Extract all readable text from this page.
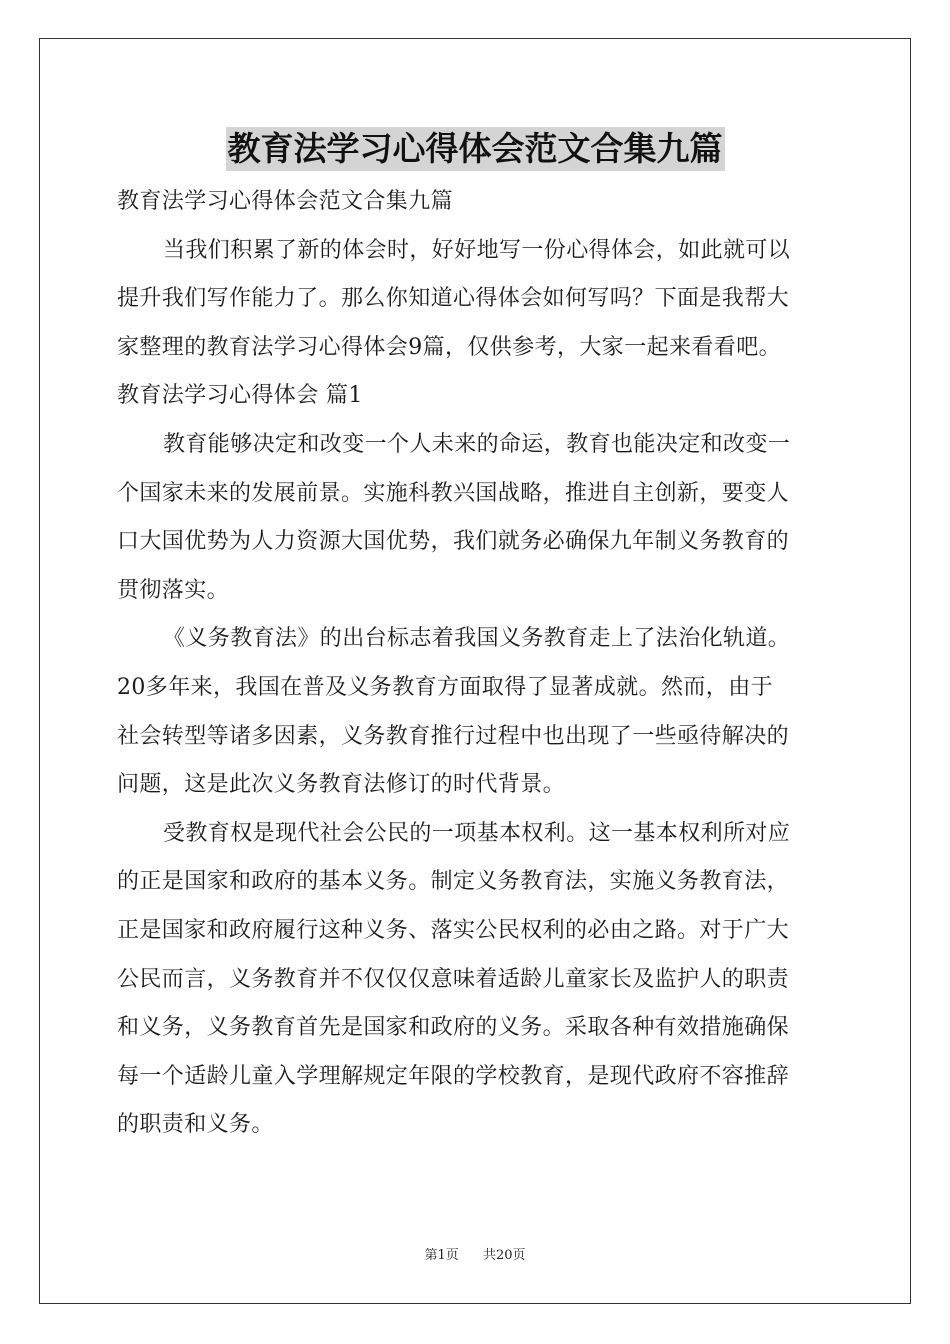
教育法学习心得体会范文合集九篇
教育法学习心得体会范文合集九篇
当我们积累了新的体会时，好好地写一份心得体会，如此就可以
提升我们写作能力了。那么你知道心得体会如何写吗？下面是我帮大
家整理的教育法学习心得体会9篇，仅供参考，大家一起来看看吧。
教育法学习心得体会 篇1
教育能够决定和改变一个人未来的命运，教育也能决定和改变一
个国家未来的发展前景。实施科教兴国战略，推进自主创新，要变人
口大国优势为人力资源大国优势，我们就务必确保九年制义务教育的
贯彻落实。
《义务教育法》的出台标志着我国义务教育走上了法治化轨道。
20多年来，我国在普及义务教育方面取得了显著成就。然而，由于
社会转型等诸多因素，义务教育推行过程中也出现了一些亟待解决的
问题，这是此次义务教育法修订的时代背景。
受教育权是现代社会公民的一项基本权利。这一基本权利所对应
的正是国家和政府的基本义务。制定义务教育法，实施义务教育法，
正是国家和政府履行这种义务、落实公民权利的必由之路。对于广大
公民而言，义务教育并不仅仅仅意味着适龄儿童家长及监护人的职责
和义务，义务教育首先是国家和政府的义务。采取各种有效措施确保
每一个适龄儿童入学理解规定年限的学校教育，是现代政府不容推辞
的职责和义务。
第1页 共20页
